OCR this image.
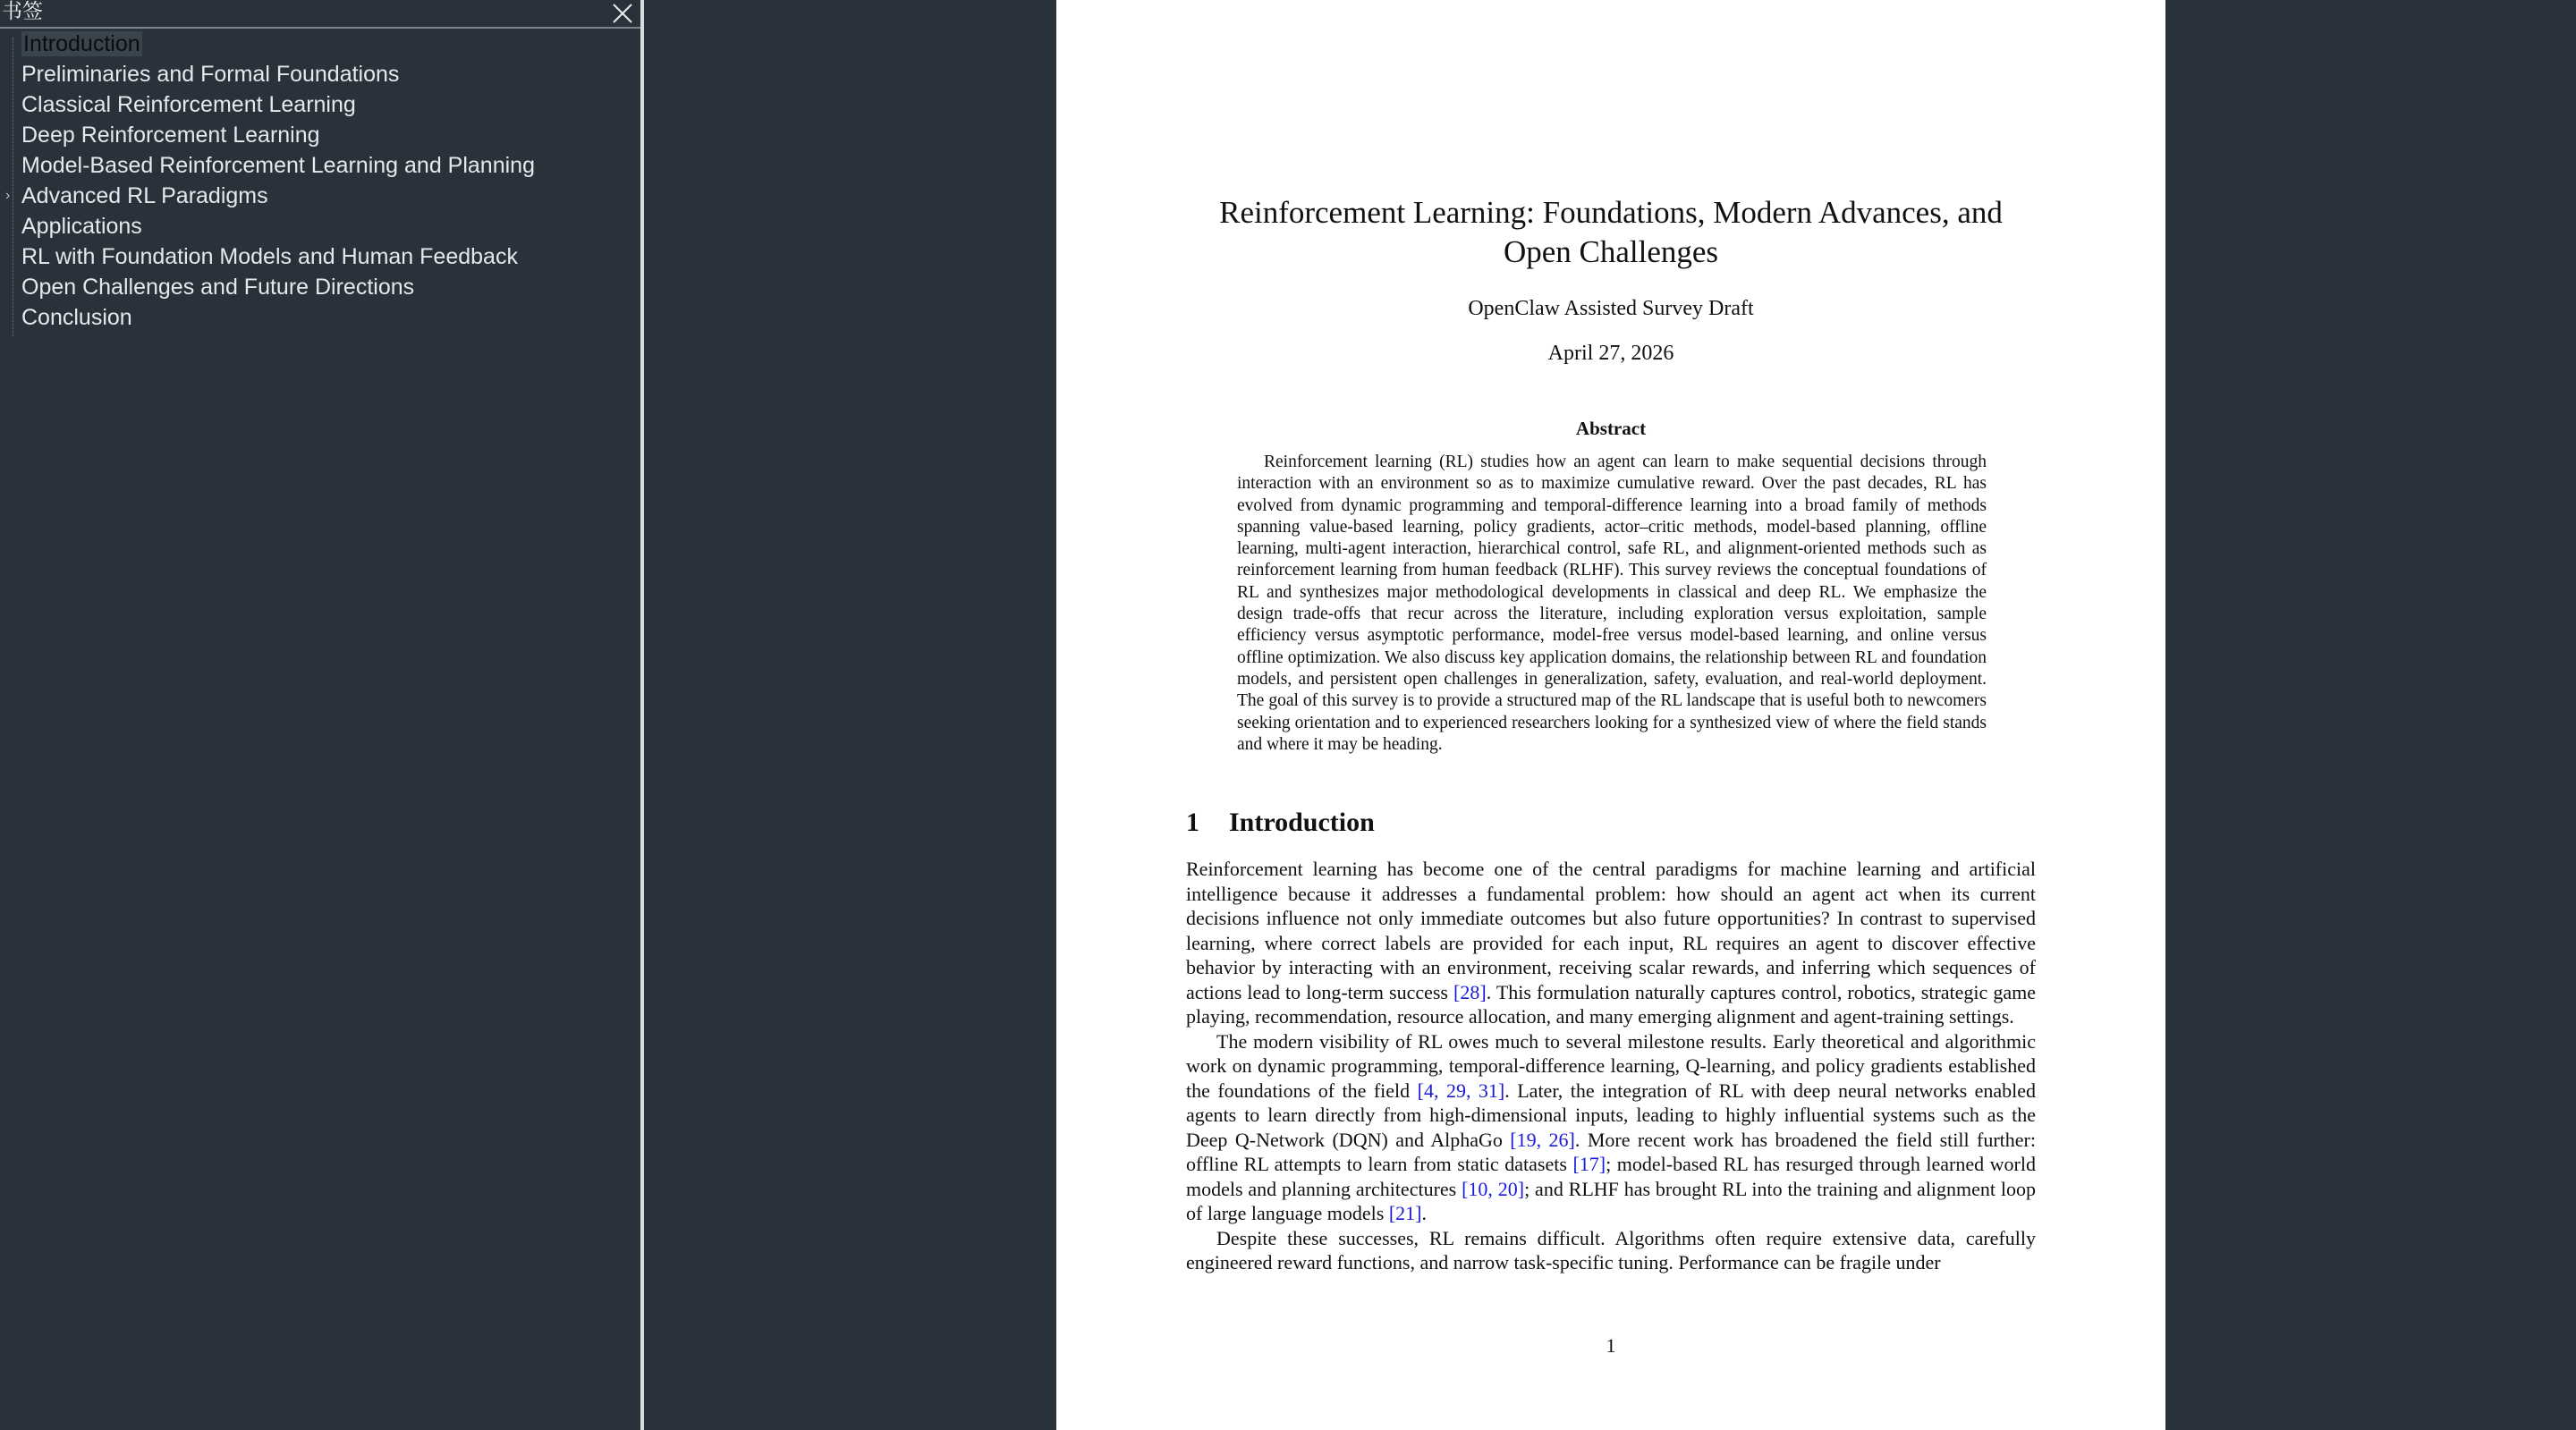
书签
Introduction
Preliminaries and Formal Foundations
Classical Reinforcement Learning
Deep Reinforcement Learning
Model-Based Reinforcement Learning and Planning
› Advanced RL Paradigms
Applications
RL with Foundation Models and Human Feedback
Open Challenges and Future Directions
Conclusion
Reinforcement Learning: Foundations, Modern Advances, and Open Challenges
OpenClaw Assisted Survey Draft
April 27, 2026
Abstract
Reinforcement learning (RL) studies how an agent can learn to make sequential decisions through interaction with an environment so as to maximize cumulative reward. Over the past decades, RL has evolved from dynamic programming and temporal-difference learning into a broad family of methods spanning value-based learning, policy gradients, actor–critic methods, model-based planning, offline learning, multi-agent interaction, hierarchical control, safe RL, and alignment-oriented methods such as reinforcement learning from human feedback (RLHF). This survey reviews the conceptual foundations of RL and synthesizes major methodological developments in classical and deep RL. We emphasize the design trade-offs that recur across the literature, including exploration versus exploitation, sample efficiency versus asymptotic performance, model-free versus model-based learning, and online versus offline optimization. We also discuss key application domains, the relationship between RL and foundation models, and persistent open challenges in generalization, safety, evaluation, and real-world deployment. The goal of this survey is to provide a structured map of the RL landscape that is useful both to newcomers seeking orientation and to experienced researchers looking for a synthesized view of where the field stands and where it may be heading.
1 Introduction

Reinforcement learning has become one of the central paradigms for machine learning and artificial intelligence because it addresses a fundamental problem: how should an agent act when its current decisions influence not only immediate outcomes but also future opportunities? In contrast to supervised learning, where correct labels are provided for each input, RL requires an agent to discover effective behavior by interacting with an environment, receiving scalar rewards, and inferring which sequences of actions lead to long-term success [28]. This formulation naturally captures control, robotics, strategic game playing, recommendation, resource allocation, and many emerging alignment and agent-training settings.

The modern visibility of RL owes much to several milestone results. Early theoretical and algorithmic work on dynamic programming, temporal-difference learning, Q-learning, and policy gradients established the foundations of the field [4, 29, 31]. Later, the integration of RL with deep neural networks enabled agents to learn directly from high-dimensional inputs, leading to highly influential systems such as the Deep Q-Network (DQN) and AlphaGo [19, 26]. More recent work has broadened the field still further: offline RL attempts to learn from static datasets [17]; model-based RL has resurged through learned world models and planning architectures [10, 20]; and RLHF has brought RL into the training and alignment loop of large language models [21].

Despite these successes, RL remains difficult. Algorithms often require extensive data, carefully engineered reward functions, and narrow task-specific tuning. Performance can be fragile under

1
